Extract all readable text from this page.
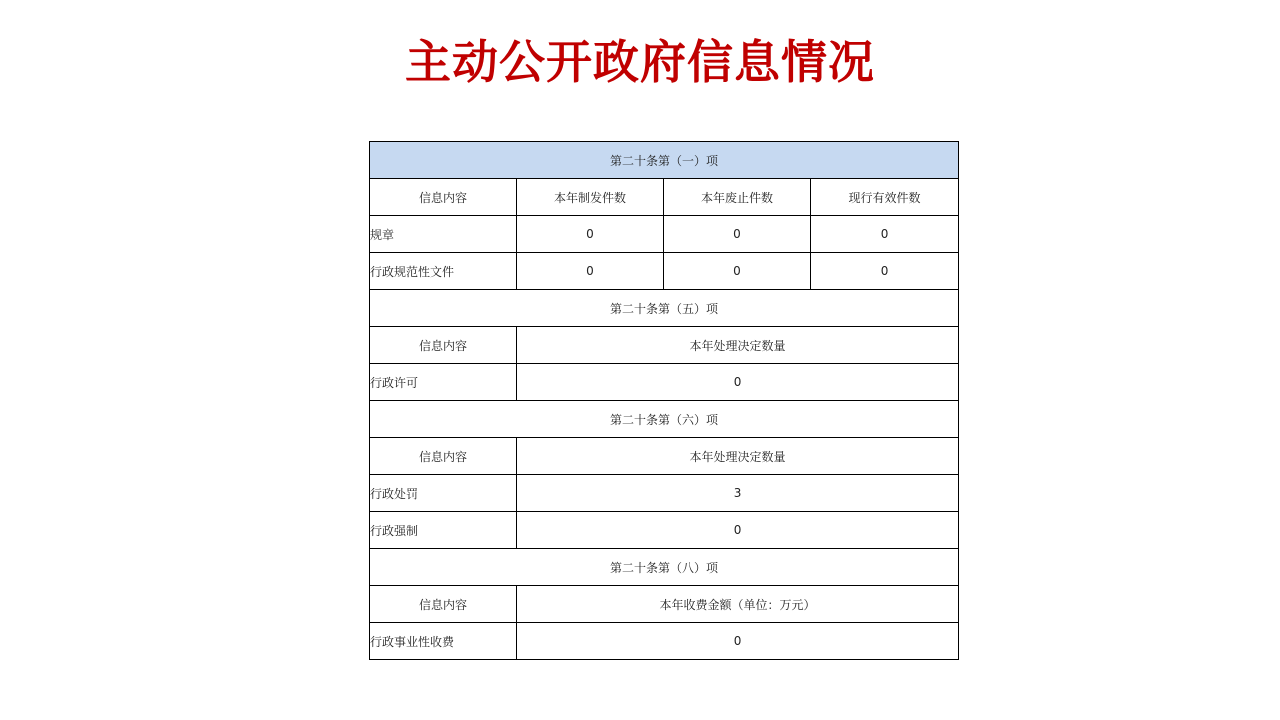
主动公开政府信息情况
第二十条第（一）项			
信息内容	本年制发件数	本年废止件数	现行有效件数
规章	0	0	0
行政规范性文件	0	0	0
第二十条第（五）项			
信息内容	本年处理决定数量		
行政许可	0		
第二十条第（六）项			
信息内容	本年处理决定数量		
行政处罚	3		
行政强制	0		
第二十条第（八）项			
信息内容	本年收费金额（单位：万元）		
行政事业性收费	0		
